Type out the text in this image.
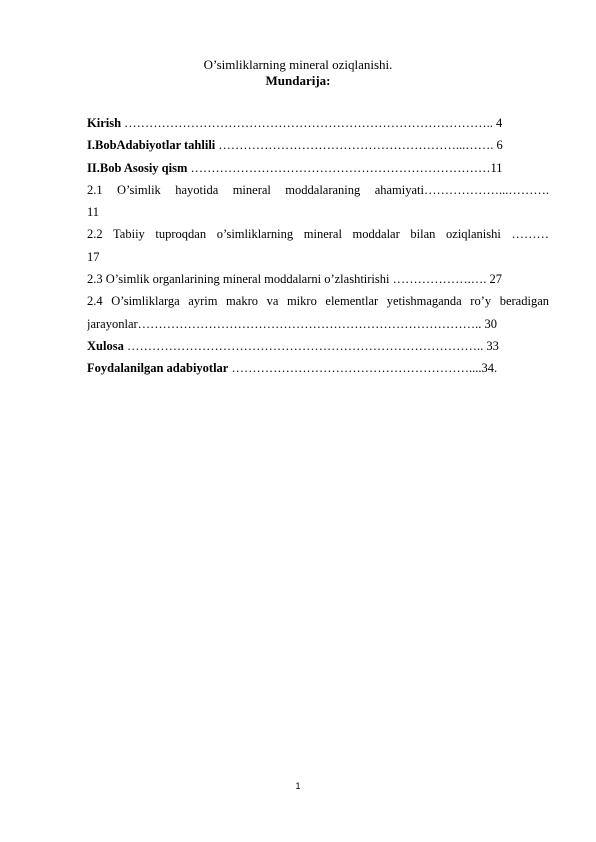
O’simliklarning mineral oziqlanishi.
Mundarija:
Kirish …………………………………………………………………………….. 4
I.BobAdabiyotlar tahlili …………………………………………………...……. 6
II.Bob Asosiy qism ………………………………………………………………11
2.1 O’simlik hayotida mineral moddalaraning ahamiyati………………...……….
11
2.2 Tabiiy tuproqdan o’simliklarning mineral moddalar bilan oziqlanishi ………
17
2.3 O’simlik organlarining mineral moddalarni o’zlashtirishi ……………….…. 27
2.4 O’simliklarga ayrim makro va mikro elementlar yetishmaganda ro’y beradigan
jarayonlar……………………………………………………………………….. 30
Xulosa ………………………………………………………………………….. 33
Foydalanilgan adabiyotlar …………………………………………………....34.
1
